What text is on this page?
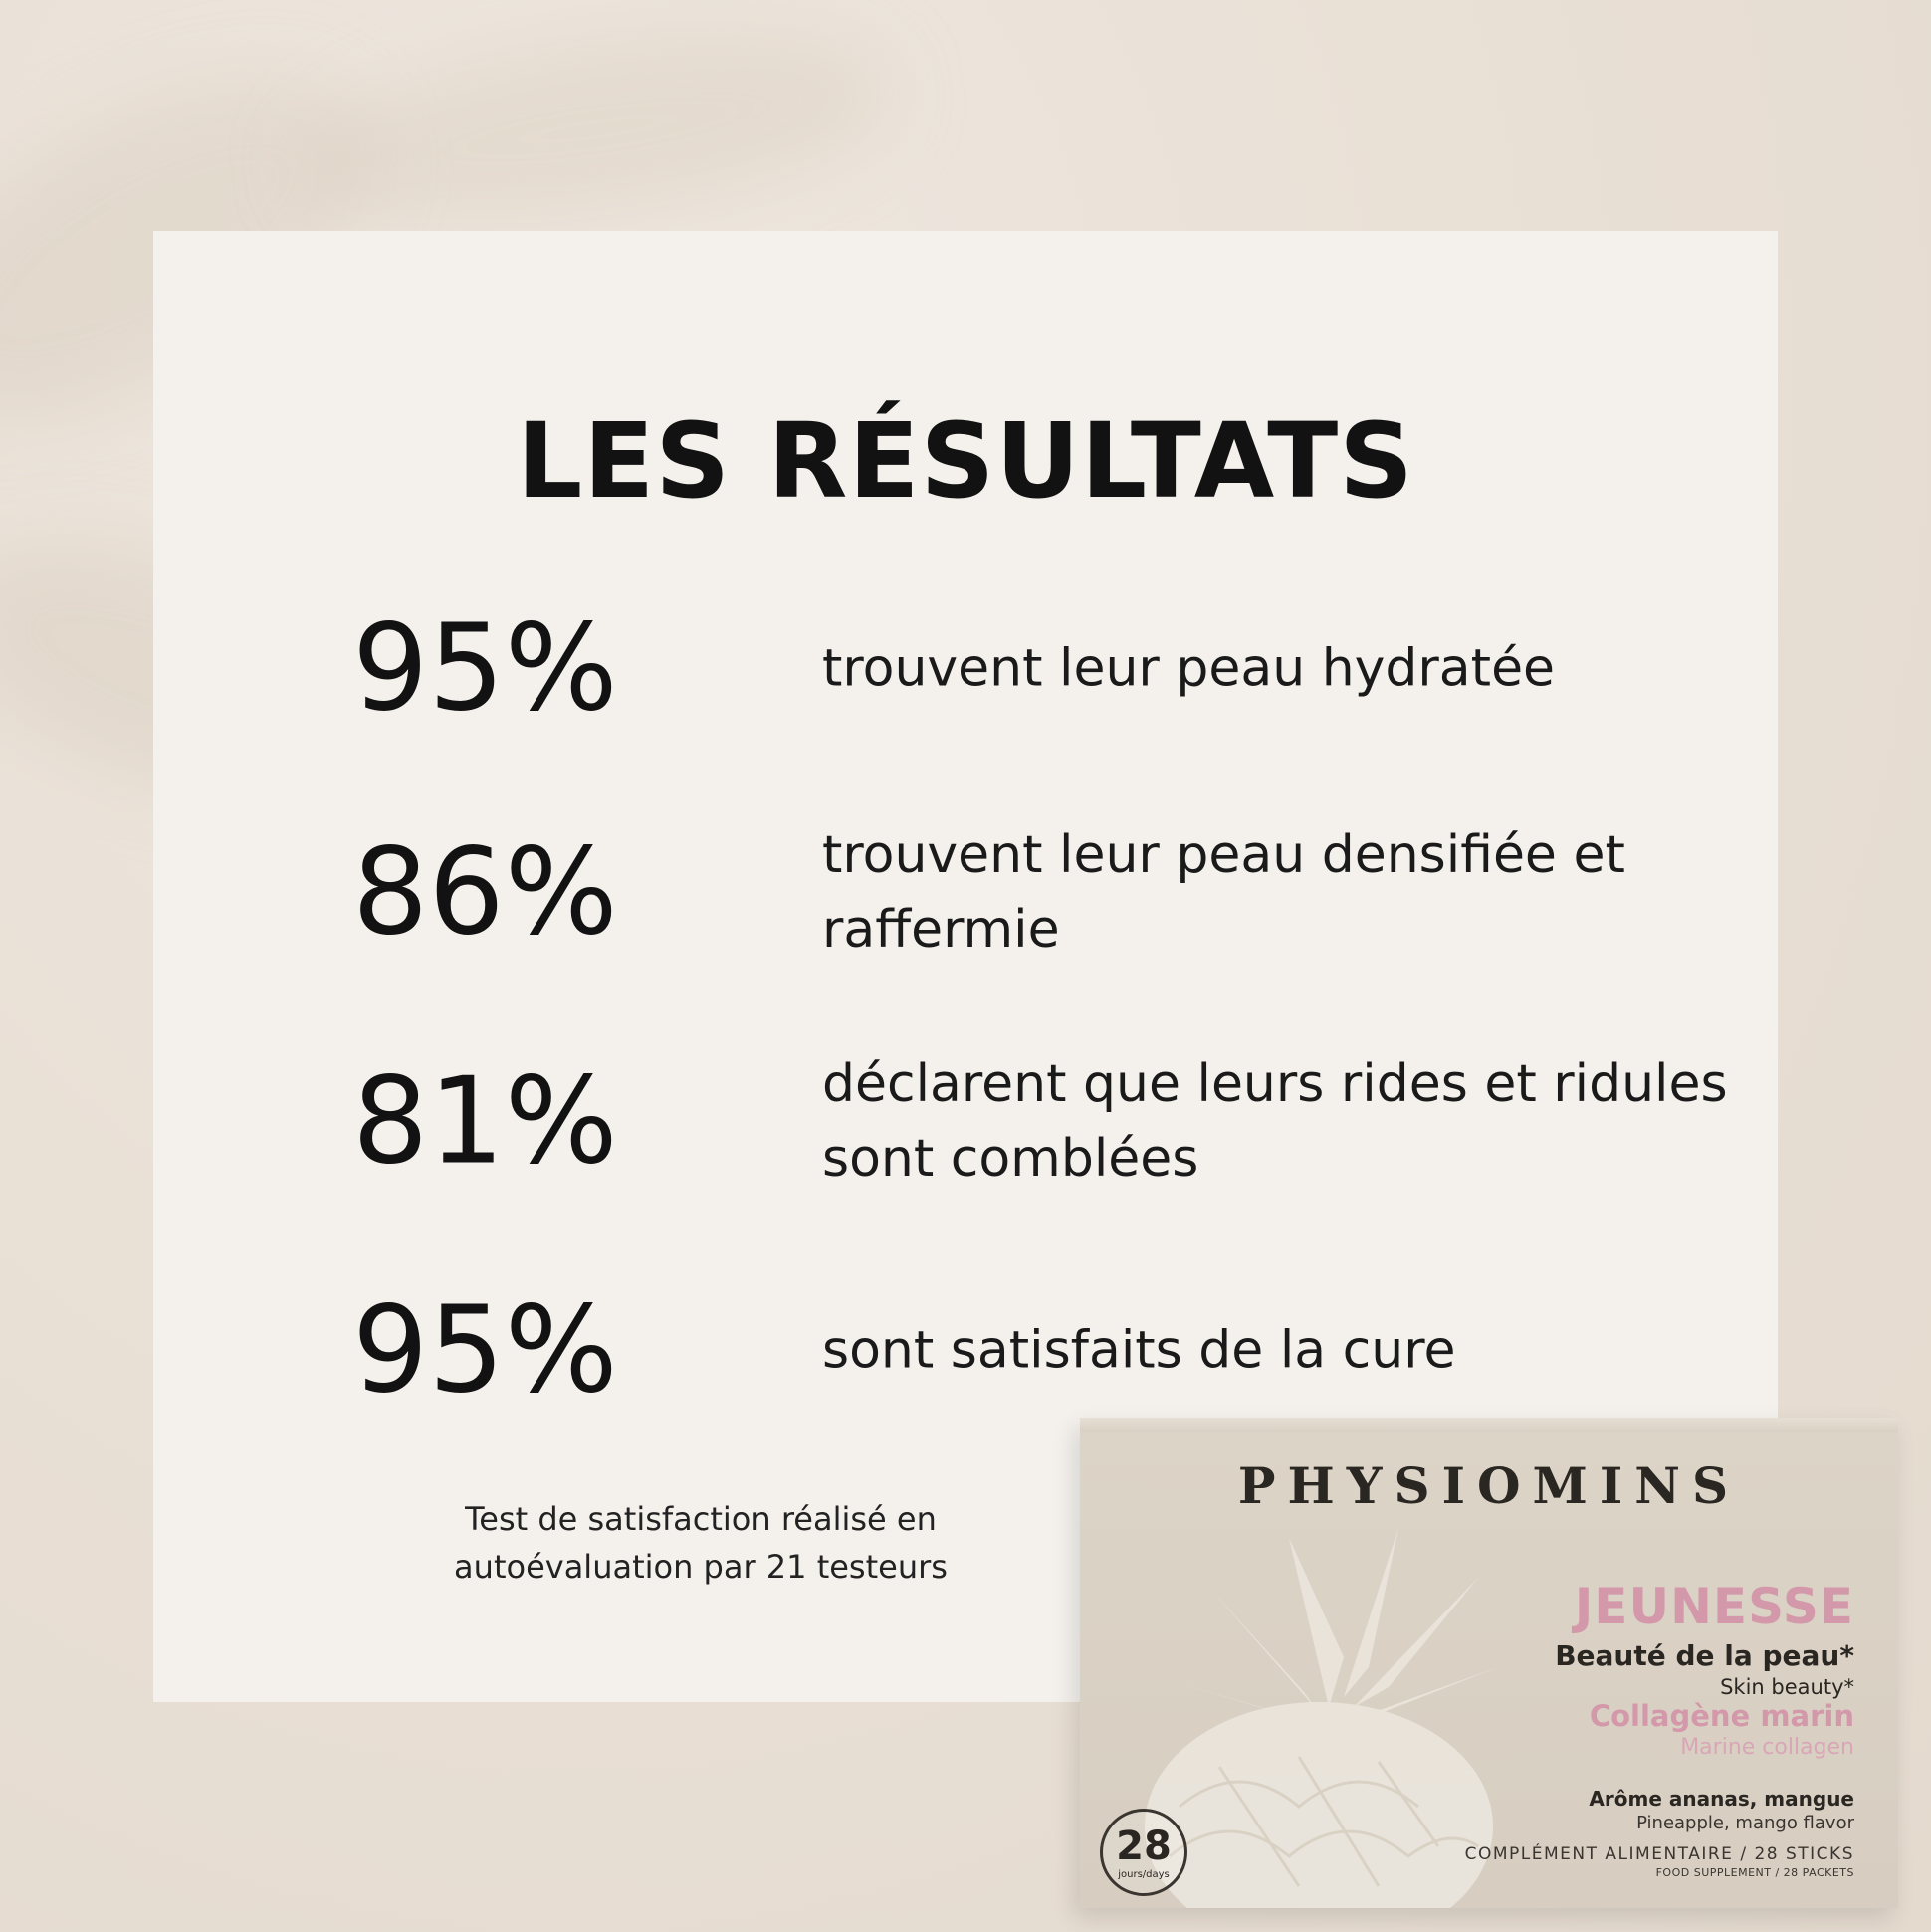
LES RÉSULTATS
95%	trouvent leur peau hydratée
86%	trouvent leur peau densifiée et raffermie
81%	déclarent que leurs rides et ridules sont comblées
95%	sont satisfaits de la cure
Test de satisfaction réalisé en
autoévaluation par 21 testeurs
PHYSIOMINS
JEUNESSE
Beauté de la peau*
Skin beauty*
Collagène marin
Marine collagen
Arôme ananas, mangue
Pineapple, mango flavor
COMPLÉMENT ALIMENTAIRE / 28 STICKS
FOOD SUPPLEMENT / 28 PACKETS
28
jours/days
